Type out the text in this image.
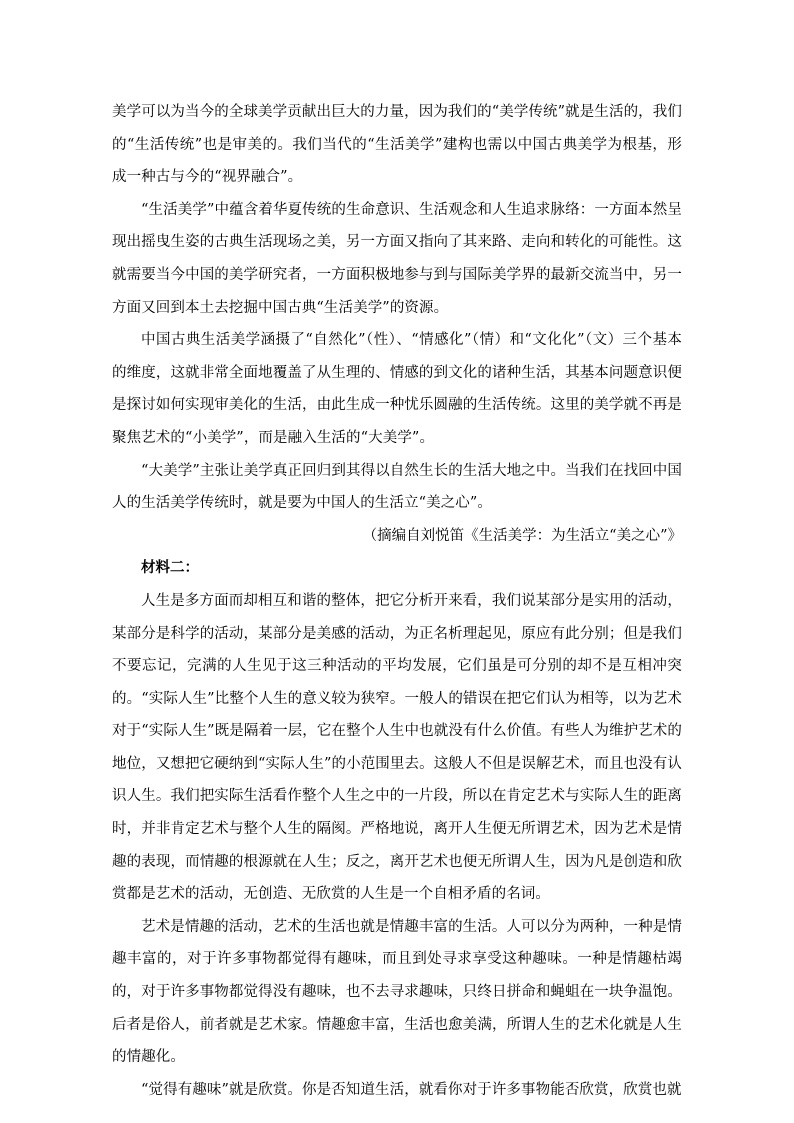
美学可以为当今的全球美学贡献出巨大的力量，因为我们的“美学传统”就是生活的，我们的“生活传统”也是审美的。我们当代的“生活美学”建构也需以中国古典美学为根基，形成一种古与今的“视界融合”。

“生活美学”中蕴含着华夏传统的生命意识、生活观念和人生追求脉络：一方面本然呈现出摇曳生姿的古典生活现场之美，另一方面又指向了其来路、走向和转化的可能性。这就需要当今中国的美学研究者，一方面积极地参与到与国际美学界的最新交流当中，另一方面又回到本土去挖掘中国古典“生活美学”的资源。

中国古典生活美学涵摄了“自然化”（性）、“情感化”（情）和“文化化”（文）三个基本的维度，这就非常全面地覆盖了从生理的、情感的到文化的诸种生活，其基本问题意识便是探讨如何实现审美化的生活，由此生成一种忧乐圆融的生活传统。这里的美学就不再是聚焦艺术的“小美学”，而是融入生活的“大美学”。

“大美学”主张让美学真正回归到其得以自然生长的生活大地之中。当我们在找回中国人的生活美学传统时，就是要为中国人的生活立“美之心”。

（摘编自刘悦笛《生活美学：为生活立“美之心”》

材料二：

人生是多方面而却相互和谐的整体，把它分析开来看，我们说某部分是实用的活动，某部分是科学的活动，某部分是美感的活动，为正名析理起见，原应有此分别；但是我们不要忘记，完满的人生见于这三种活动的平均发展，它们虽是可分别的却不是互相冲突的。“实际人生”比整个人生的意义较为狭窄。一般人的错误在把它们认为相等，以为艺术对于“实际人生”既是隔着一层，它在整个人生中也就没有什么价值。有些人为维护艺术的地位，又想把它硬纳到“实际人生”的小范围里去。这般人不但是误解艺术，而且也没有认识人生。我们把实际生活看作整个人生之中的一片段，所以在肯定艺术与实际人生的距离时，并非肯定艺术与整个人生的隔阂。严格地说，离开人生便无所谓艺术，因为艺术是情趣的表现，而情趣的根源就在人生；反之，离开艺术也便无所谓人生，因为凡是创造和欣赏都是艺术的活动，无创造、无欣赏的人生是一个自相矛盾的名词。

艺术是情趣的活动，艺术的生活也就是情趣丰富的生活。人可以分为两种，一种是情趣丰富的，对于许多事物都觉得有趣味，而且到处寻求享受这种趣味。一种是情趣枯竭的，对于许多事物都觉得没有趣味，也不去寻求趣味，只终日拼命和蝇蛆在一块争温饱。后者是俗人，前者就是艺术家。情趣愈丰富，生活也愈美满，所谓人生的艺术化就是人生的情趣化。

“觉得有趣味”就是欣赏。你是否知道生活，就看你对于许多事物能否欣赏，欣赏也就
